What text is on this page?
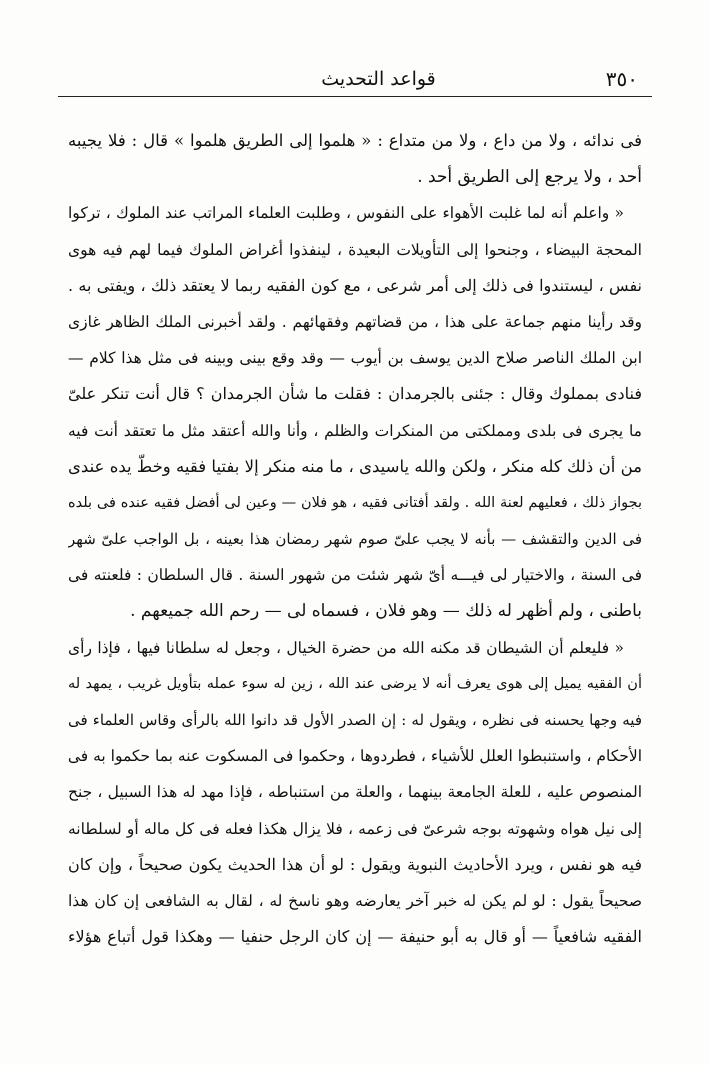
٣٥٠
قواعد التحديث
فى ندائه ، ولا من داع ، ولا من متداع : « هلموا إلى الطريق هلموا » قال : فلا يجيبه
أحد ، ولا يرجع إلى الطريق أحد .
« واعلم أنه لما غلبت الأهواء على النفوس ، وطلبت العلماء المراتب عند الملوك ، تركوا
المحجة البيضاء ، وجنحوا إلى التأويلات البعيدة ، لينفذوا أغراض الملوك فيما لهم فيه هوى
نفس ، ليستندوا فى ذلك إلى أمر شرعى ، مع كون الفقيه ربما لا يعتقد ذلك ، ويفتى به .
وقد رأينا منهم جماعة على هذا ، من قضاتهم وفقهائهم . ولقد أخبرنى الملك الظاهر غازى
ابن الملك الناصر صلاح الدين يوسف بن أيوب — وقد وقع بينى وبينه فى مثل هذا كلام —
فنادى بمملوك وقال : جئنى بالجرمدان : فقلت ما شأن الجرمدان ؟ قال أنت تنكر علىّ
ما يجرى فى بلدى ومملكتى من المنكرات والظلم ، وأنا والله أعتقد مثل ما تعتقد أنت فيه
من أن ذلك كله منكر ، ولكن والله ياسيدى ، ما منه منكر إلا بفتيا فقيه وخطّ يده عندى
بجواز ذلك ، فعليهم لعنة الله . ولقد أفتانى فقيه ، هو فلان — وعين لى أفضل فقيه عنده فى بلده
فى الدين والتقشف — بأنه لا يجب علىّ صوم شهر رمضان هذا بعينه ، بل الواجب علىّ شهر
فى السنة ، والاختيار لى فيـــه أىّ شهر شئت من شهور السنة . قال السلطان : فلعنته فى
باطنى ، ولم أظهر له ذلك — وهو فلان ، فسماه لى — رحم الله جميعهم .
« فليعلم أن الشيطان قد مكنه الله من حضرة الخيال ، وجعل له سلطانا فيها ، فإذا رأى
أن الفقيه يميل إلى هوى يعرف أنه لا يرضى عند الله ، زين له سوء عمله بتأويل غريب ، يمهد له
فيه وجها يحسنه فى نظره ، ويقول له : إن الصدر الأول قد دانوا الله بالرأى وقاس العلماء فى
الأحكام ، واستنبطوا العلل للأشياء ، فطردوها ، وحكموا فى المسكوت عنه بما حكموا به فى
المنصوص عليه ، للعلة الجامعة بينهما ، والعلة من استنباطه ، فإذا مهد له هذا السبيل ، جنح
إلى نيل هواه وشهوته بوجه شرعىّ فى زعمه ، فلا يزال هكذا فعله فى كل ماله أو لسلطانه
فيه هو نفس ، ويرد الأحاديث النبوية ويقول : لو أن هذا الحديث يكون صحيحاً ، وإن كان
صحيحاً يقول : لو لم يكن له خبر آخر يعارضه وهو ناسخ له ، لقال به الشافعى إن كان هذا
الفقيه شافعياً — أو قال به أبو حنيفة — إن كان الرجل حنفيا — وهكذا قول أتباع هؤلاء
